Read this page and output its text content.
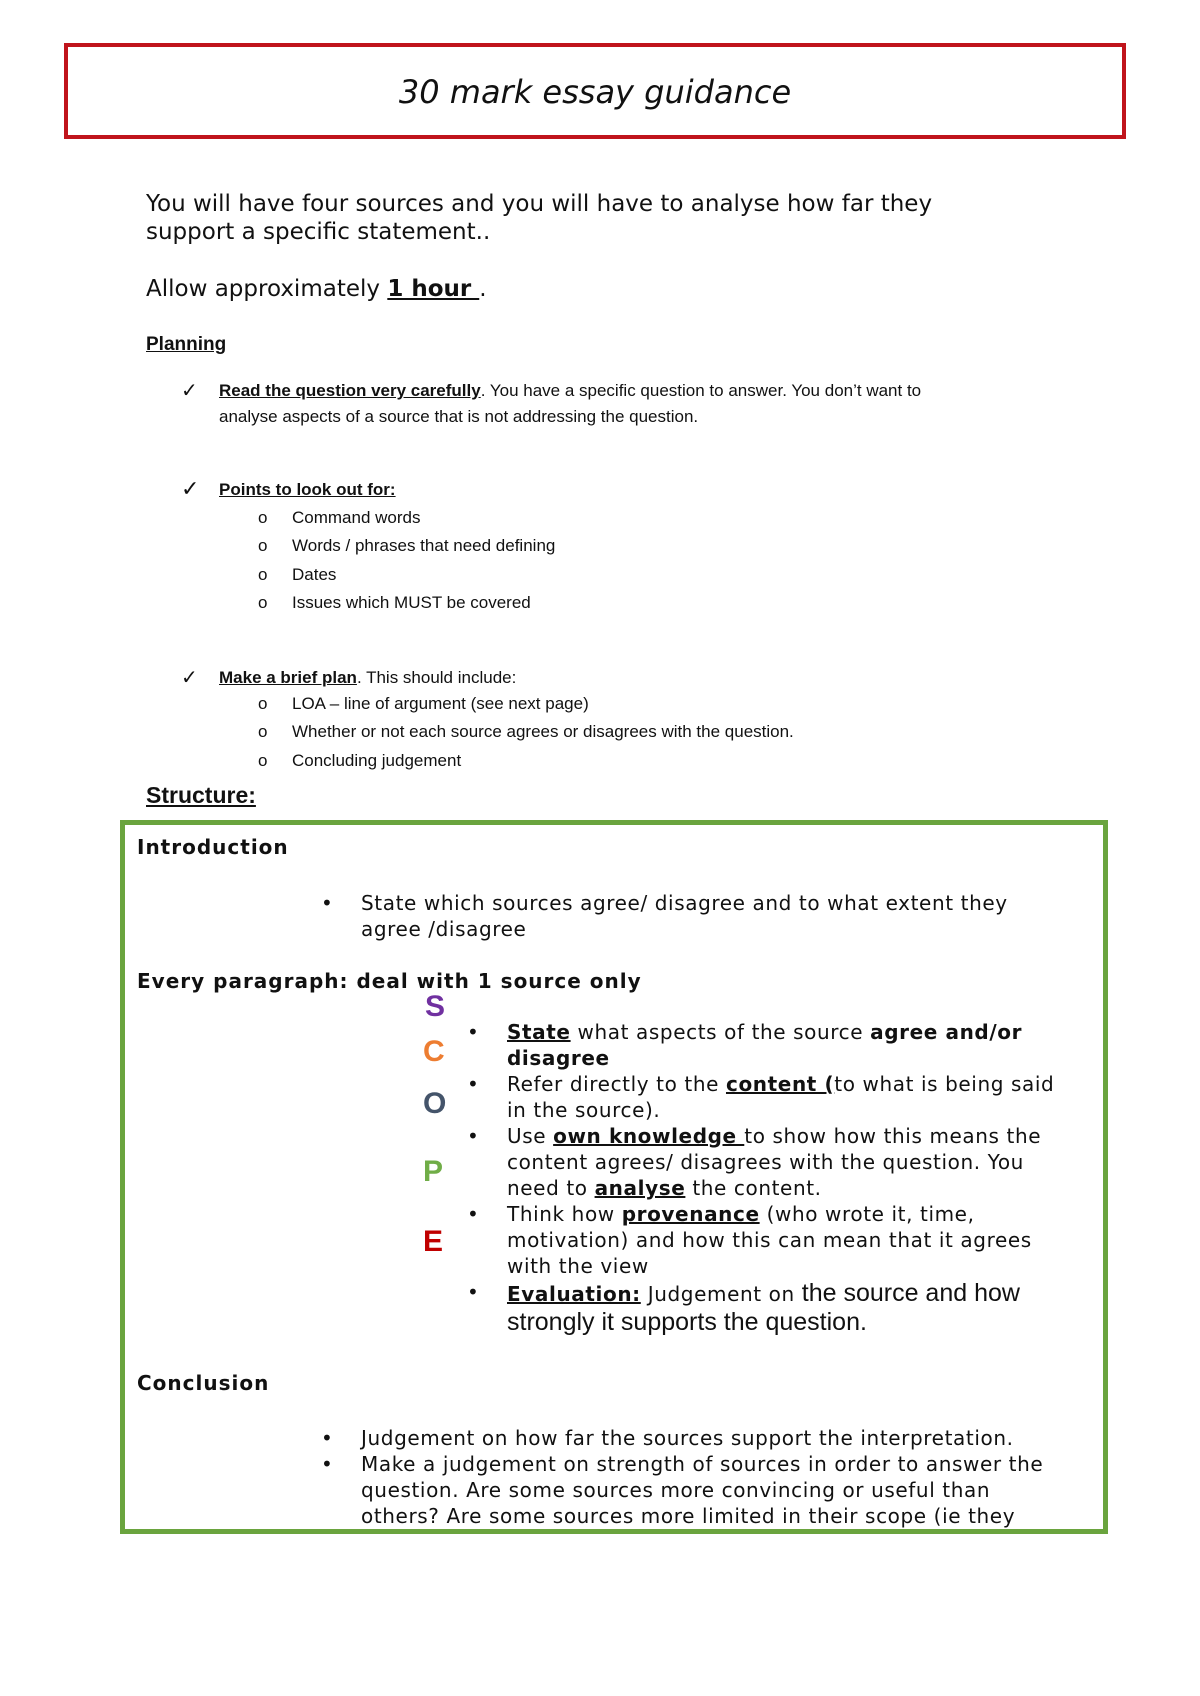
30 mark essay guidance
You will have four sources and you will have to analyse how far they
support a specific statement..
Allow approximately 1 hour .
Planning
✓ Read the question very carefully. You have a specific question to answer. You don’t want to
analyse aspects of a source that is not addressing the question.
✓ Points to look out for:
o Command words
o Words / phrases that need defining
o Dates
o Issues which MUST be covered
✓ Make a brief plan. This should include:
o LOA – line of argument (see next page)
o Whether or not each source agrees or disagrees with the question.
o Concluding judgement
Structure:
Introduction
• State which sources agree/ disagree and to what extent they
agree /disagree
Every paragraph: deal with 1 source only
S
C
O
P
E
• State what aspects of the source agree and/or
disagree
• Refer directly to the content (to what is being said
in the source).
• Use own knowledge to show how this means the
content agrees/ disagrees with the question. You
need to analyse the content.
• Think how provenance (who wrote it, time,
motivation) and how this can mean that it agrees
with the view
• Evaluation: Judgement on the source and how
strongly it supports the question.
Conclusion
• Judgement on how far the sources support the interpretation.
• Make a judgement on strength of sources in order to answer the
question. Are some sources more convincing or useful than
others? Are some sources more limited in their scope (ie they
